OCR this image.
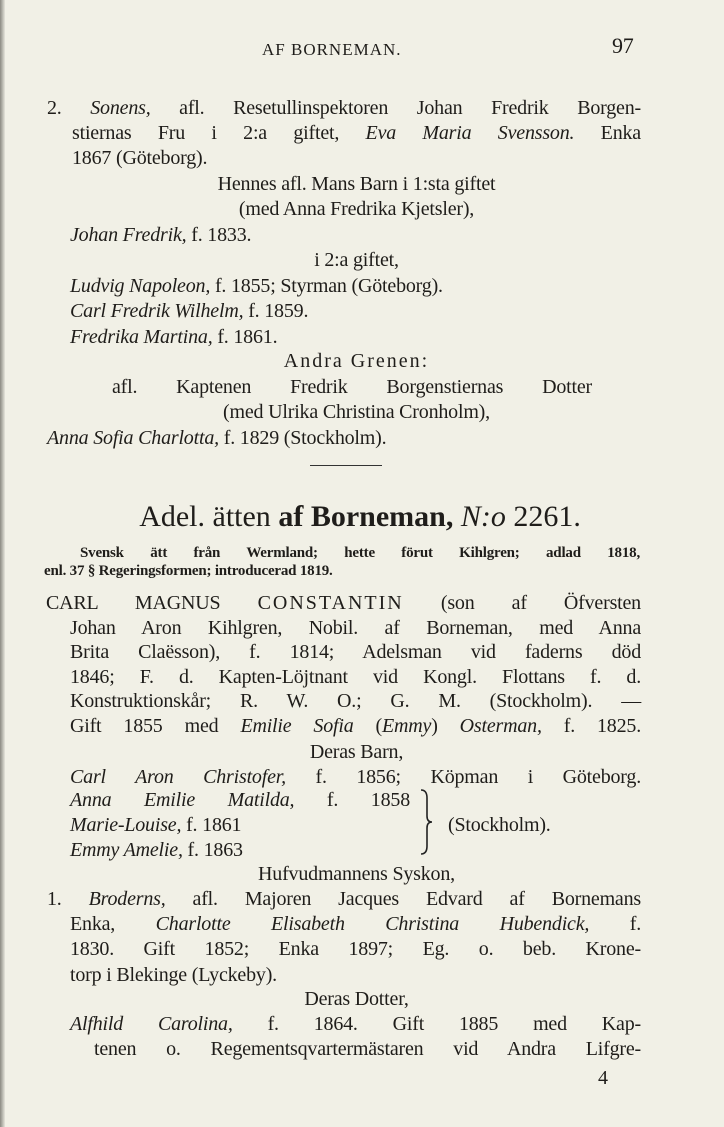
AF BORNEMAN.	97
2. Sonens, afl. Resetullinspektoren Johan Fredrik Borgen-
stiernas Fru i 2:a giftet, Eva Maria Svensson. Enka
1867 (Göteborg).
Hennes afl. Mans Barn i 1:sta giftet
(med Anna Fredrika Kjetsler),
Johan Fredrik, f. 1833.
i 2:a giftet,
Ludvig Napoleon, f. 1855; Styrman (Göteborg).
Carl Fredrik Wilhelm, f. 1859.
Fredrika Martina, f. 1861.
Andra Grenen:
afl. Kaptenen Fredrik Borgenstiernas Dotter
(med Ulrika Christina Cronholm),
Anna Sofia Charlotta, f. 1829 (Stockholm).
Svensk ätt från Wermland; hette förut Kihlgren; adlad 1818,
enl. 37 § Regeringsformen; introducerad 1819.
CARL MAGNUS CONSTANTIN (son af Öfversten
Johan Aron Kihlgren, Nobil. af Borneman, med Anna
Brita Claësson), f. 1814; Adelsman vid faderns död
1846; F. d. Kapten-Löjtnant vid Kongl. Flottans f. d.
Konstruktionskår; R. W. O.; G. M. (Stockholm). —
Gift 1855 med Emilie Sofia (Emmy) Osterman, f. 1825.
Deras Barn,
Carl Aron Christofer, f. 1856; Köpman i Göteborg.
Anna Emilie Matilda, f. 1858
Marie-Louise, f. 1861
Emmy Amelie, f. 1863
(Stockholm).
Hufvudmannens Syskon,
1. Broderns, afl. Majoren Jacques Edvard af Bornemans
Enka, Charlotte Elisabeth Christina Hubendick, f.
1830. Gift 1852; Enka 1897; Eg. o. beb. Krone-
torp i Blekinge (Lyckeby).
Deras Dotter,
Alfhild Carolina, f. 1864. Gift 1885 med Kap-
tenen o. Regementsqvartermästaren vid Andra Lifgre-
4
Adel. ätten af Borneman, N:o 2261.
